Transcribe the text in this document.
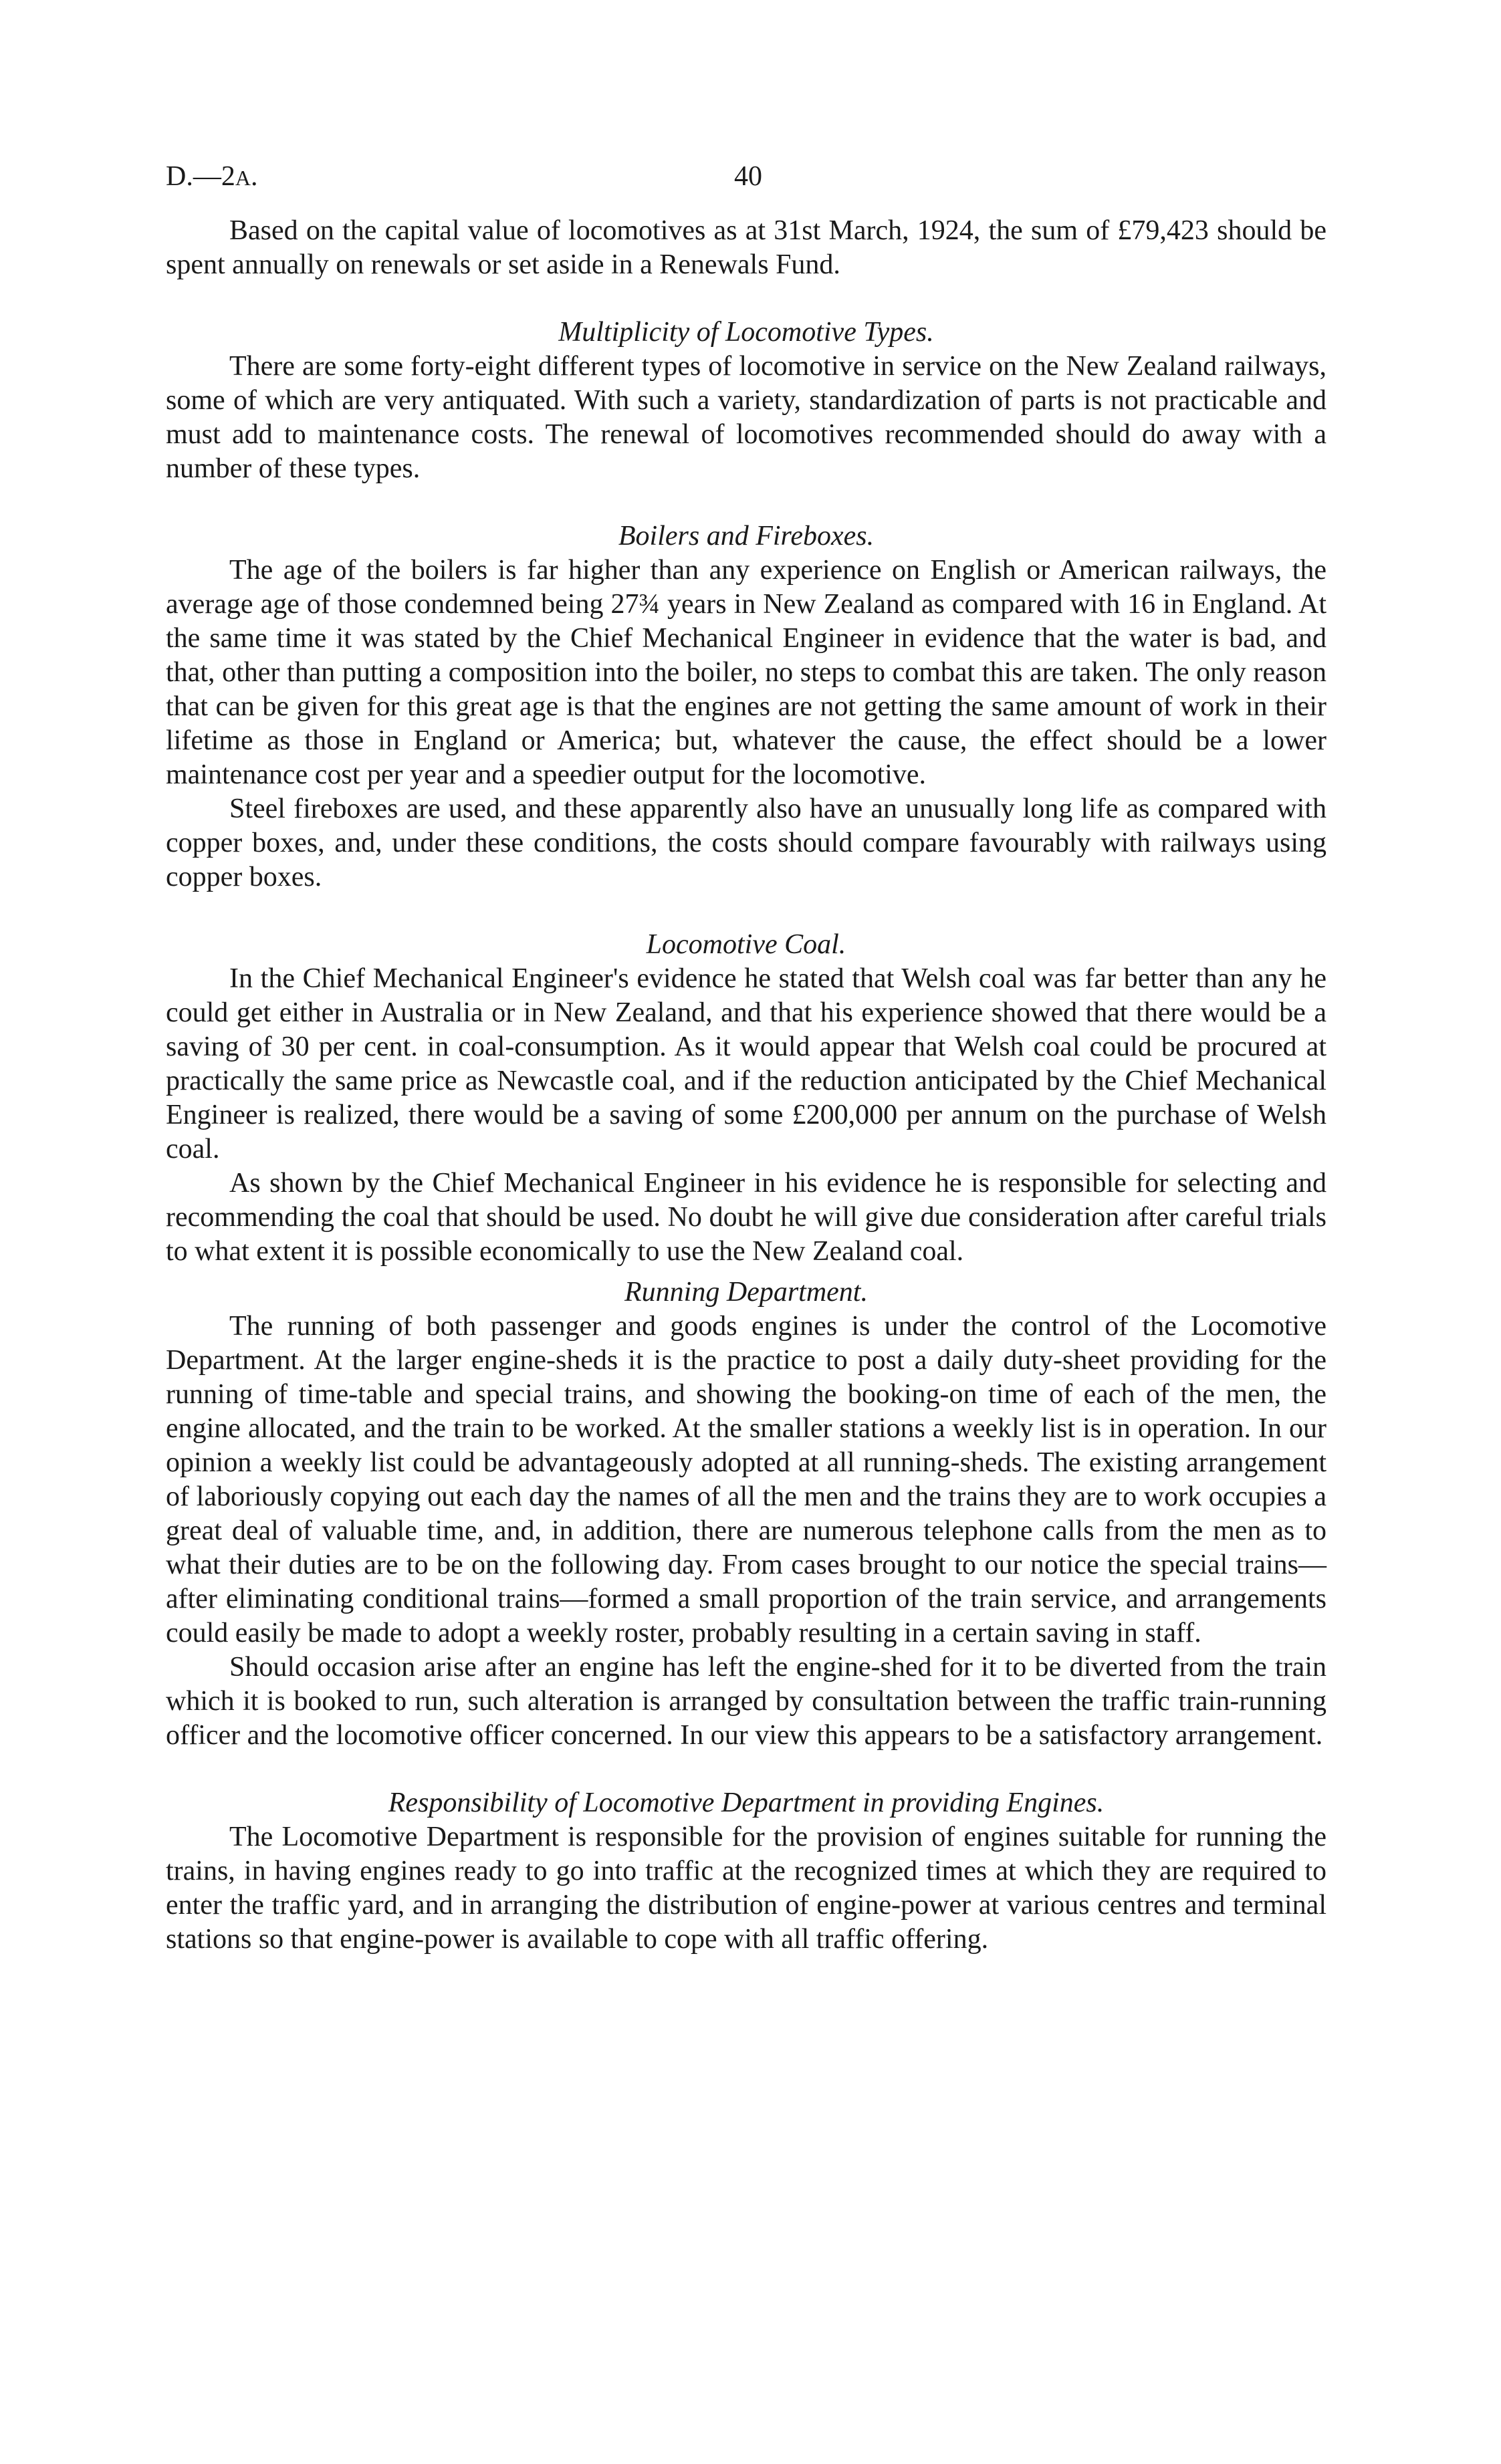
D.—2A.	40

Based on the capital value of locomotives as at 31st March, 1924, the sum of £79,423 should be spent annually on renewals or set aside in a Renewals Fund.

Multiplicity of Locomotive Types.

There are some forty-eight different types of locomotive in service on the New Zealand railways, some of which are very antiquated. With such a variety, standardization of parts is not practicable and must add to maintenance costs. The renewal of locomotives recommended should do away with a number of these types.

Boilers and Fireboxes.

The age of the boilers is far higher than any experience on English or American railways, the average age of those condemned being 27¾ years in New Zealand as compared with 16 in England. At the same time it was stated by the Chief Mechanical Engineer in evidence that the water is bad, and that, other than putting a composition into the boiler, no steps to combat this are taken. The only reason that can be given for this great age is that the engines are not getting the same amount of work in their lifetime as those in England or America; but, whatever the cause, the effect should be a lower maintenance cost per year and a speedier output for the locomotive.

Steel fireboxes are used, and these apparently also have an unusually long life as compared with copper boxes, and, under these conditions, the costs should compare favourably with railways using copper boxes.

Locomotive Coal.

In the Chief Mechanical Engineer's evidence he stated that Welsh coal was far better than any he could get either in Australia or in New Zealand, and that his experience showed that there would be a saving of 30 per cent. in coal-consumption. As it would appear that Welsh coal could be procured at practically the same price as Newcastle coal, and if the reduction anticipated by the Chief Mechanical Engineer is realized, there would be a saving of some £200,000 per annum on the purchase of Welsh coal.

As shown by the Chief Mechanical Engineer in his evidence he is responsible for selecting and recommending the coal that should be used. No doubt he will give due consideration after careful trials to what extent it is possible economically to use the New Zealand coal.

Running Department.

The running of both passenger and goods engines is under the control of the Locomotive Department. At the larger engine-sheds it is the practice to post a daily duty-sheet providing for the running of time-table and special trains, and showing the booking-on time of each of the men, the engine allocated, and the train to be worked. At the smaller stations a weekly list is in operation. In our opinion a weekly list could be advantageously adopted at all running-sheds. The existing arrangement of laboriously copying out each day the names of all the men and the trains they are to work occupies a great deal of valuable time, and, in addition, there are numerous telephone calls from the men as to what their duties are to be on the following day. From cases brought to our notice the special trains—after eliminating conditional trains—formed a small proportion of the train service, and arrangements could easily be made to adopt a weekly roster, probably resulting in a certain saving in staff.

Should occasion arise after an engine has left the engine-shed for it to be diverted from the train which it is booked to run, such alteration is arranged by consultation between the traffic train-running officer and the locomotive officer concerned. In our view this appears to be a satisfactory arrangement.

Responsibility of Locomotive Department in providing Engines.

The Locomotive Department is responsible for the provision of engines suitable for running the trains, in having engines ready to go into traffic at the recognized times at which they are required to enter the traffic yard, and in arranging the distribution of engine-power at various centres and terminal stations so that engine-power is available to cope with all traffic offering.
